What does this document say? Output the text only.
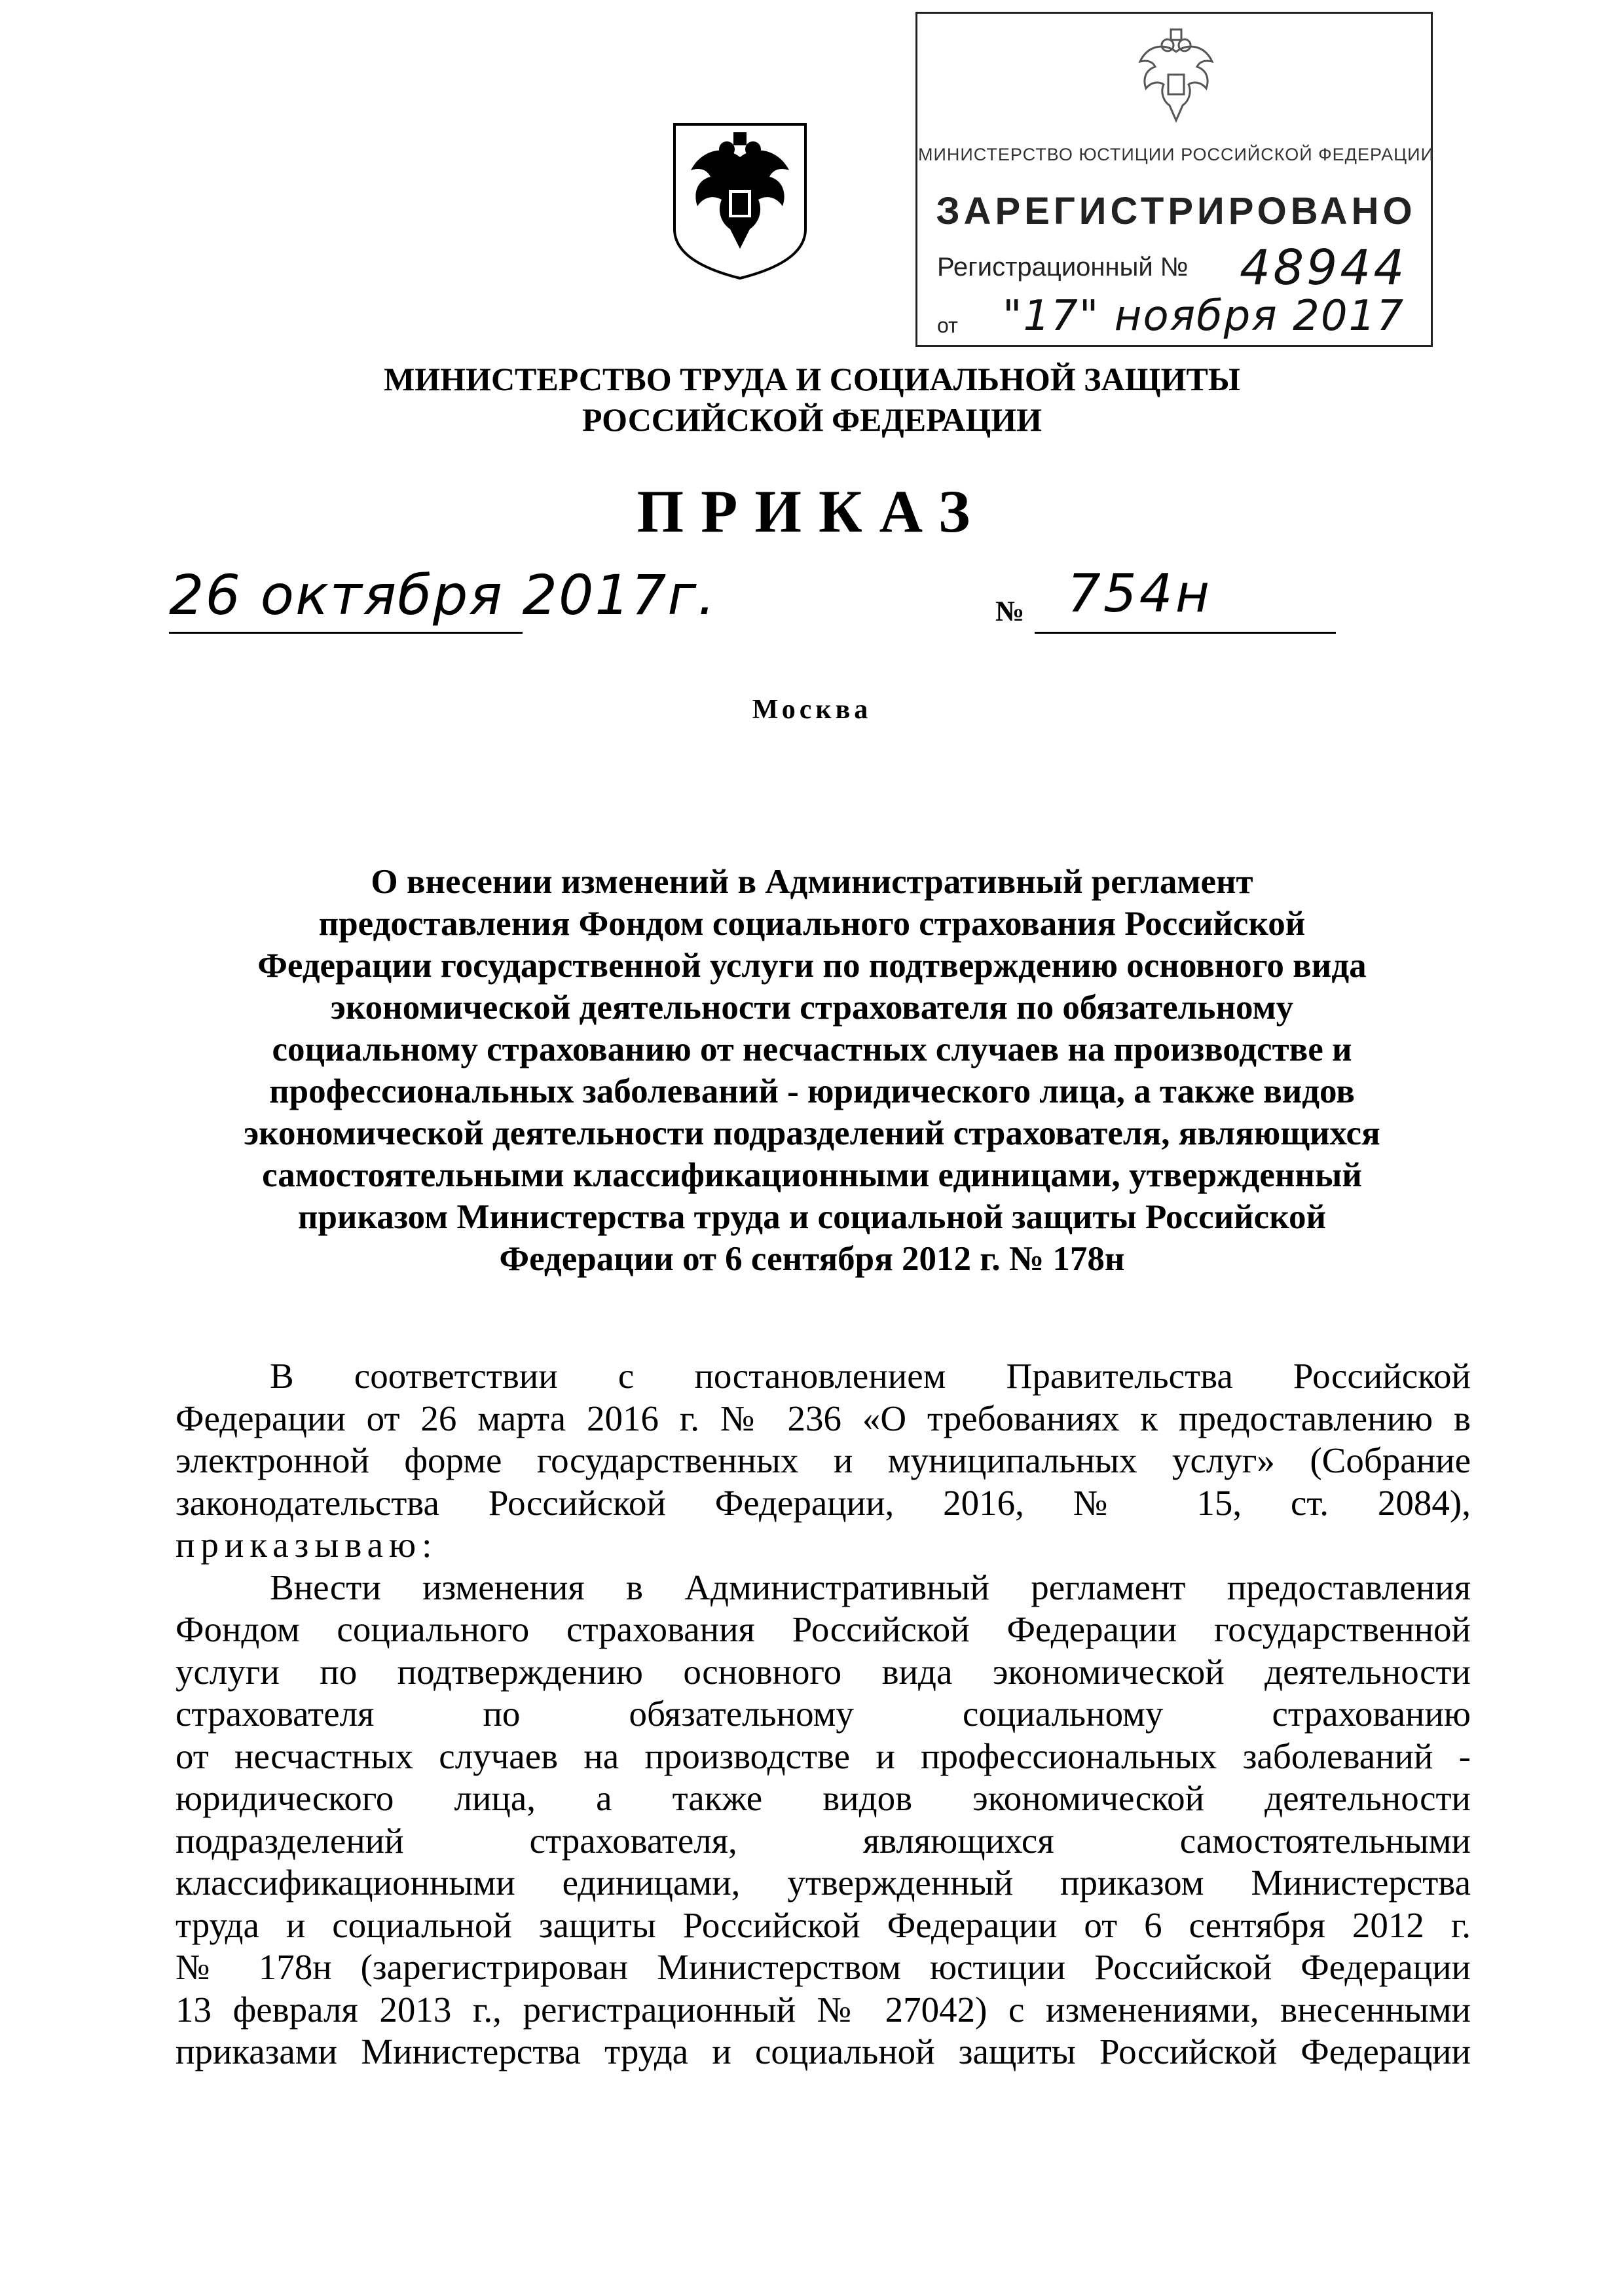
МИНИСТЕРСТВО ЮСТИЦИИ РОССИЙСКОЙ ФЕДЕРАЦИИ
ЗАРЕГИСТРИРОВАНО
Регистрационный № 48944
от "17" ноября 2017
МИНИСТЕРСТВО ТРУДА И СОЦИАЛЬНОЙ ЗАЩИТЫ
РОССИЙСКОЙ ФЕДЕРАЦИИ
ПРИКАЗ
26 октября 2017г.	№ 754н
Москва
О внесении изменений в Административный регламент
предоставления Фондом социального страхования Российской
Федерации государственной услуги по подтверждению основного вида
экономической деятельности страхователя по обязательному
социальному страхованию от несчастных случаев на производстве и
профессиональных заболеваний - юридического лица, а также видов
экономической деятельности подразделений страхователя, являющихся
самостоятельными классификационными единицами, утвержденный
приказом Министерства труда и социальной защиты Российской
Федерации от 6 сентября 2012 г. № 178н
В соответствии с постановлением Правительства Российской
Федерации от 26 марта 2016 г. № 236 «О требованиях к предоставлению в
электронной форме государственных и муниципальных услуг» (Собрание
законодательства Российской Федерации, 2016, № 15, ст. 2084),
приказываю:
Внести изменения в Административный регламент предоставления
Фондом социального страхования Российской Федерации государственной
услуги по подтверждению основного вида экономической деятельности
страхователя по обязательному социальному страхованию
от несчастных случаев на производстве и профессиональных заболеваний -
юридического лица, а также видов экономической деятельности
подразделений страхователя, являющихся самостоятельными
классификационными единицами, утвержденный приказом Министерства
труда и социальной защиты Российской Федерации от 6 сентября 2012 г.
№ 178н (зарегистрирован Министерством юстиции Российской Федерации
13 февраля 2013 г., регистрационный № 27042) с изменениями, внесенными
приказами Министерства труда и социальной защиты Российской Федерации
